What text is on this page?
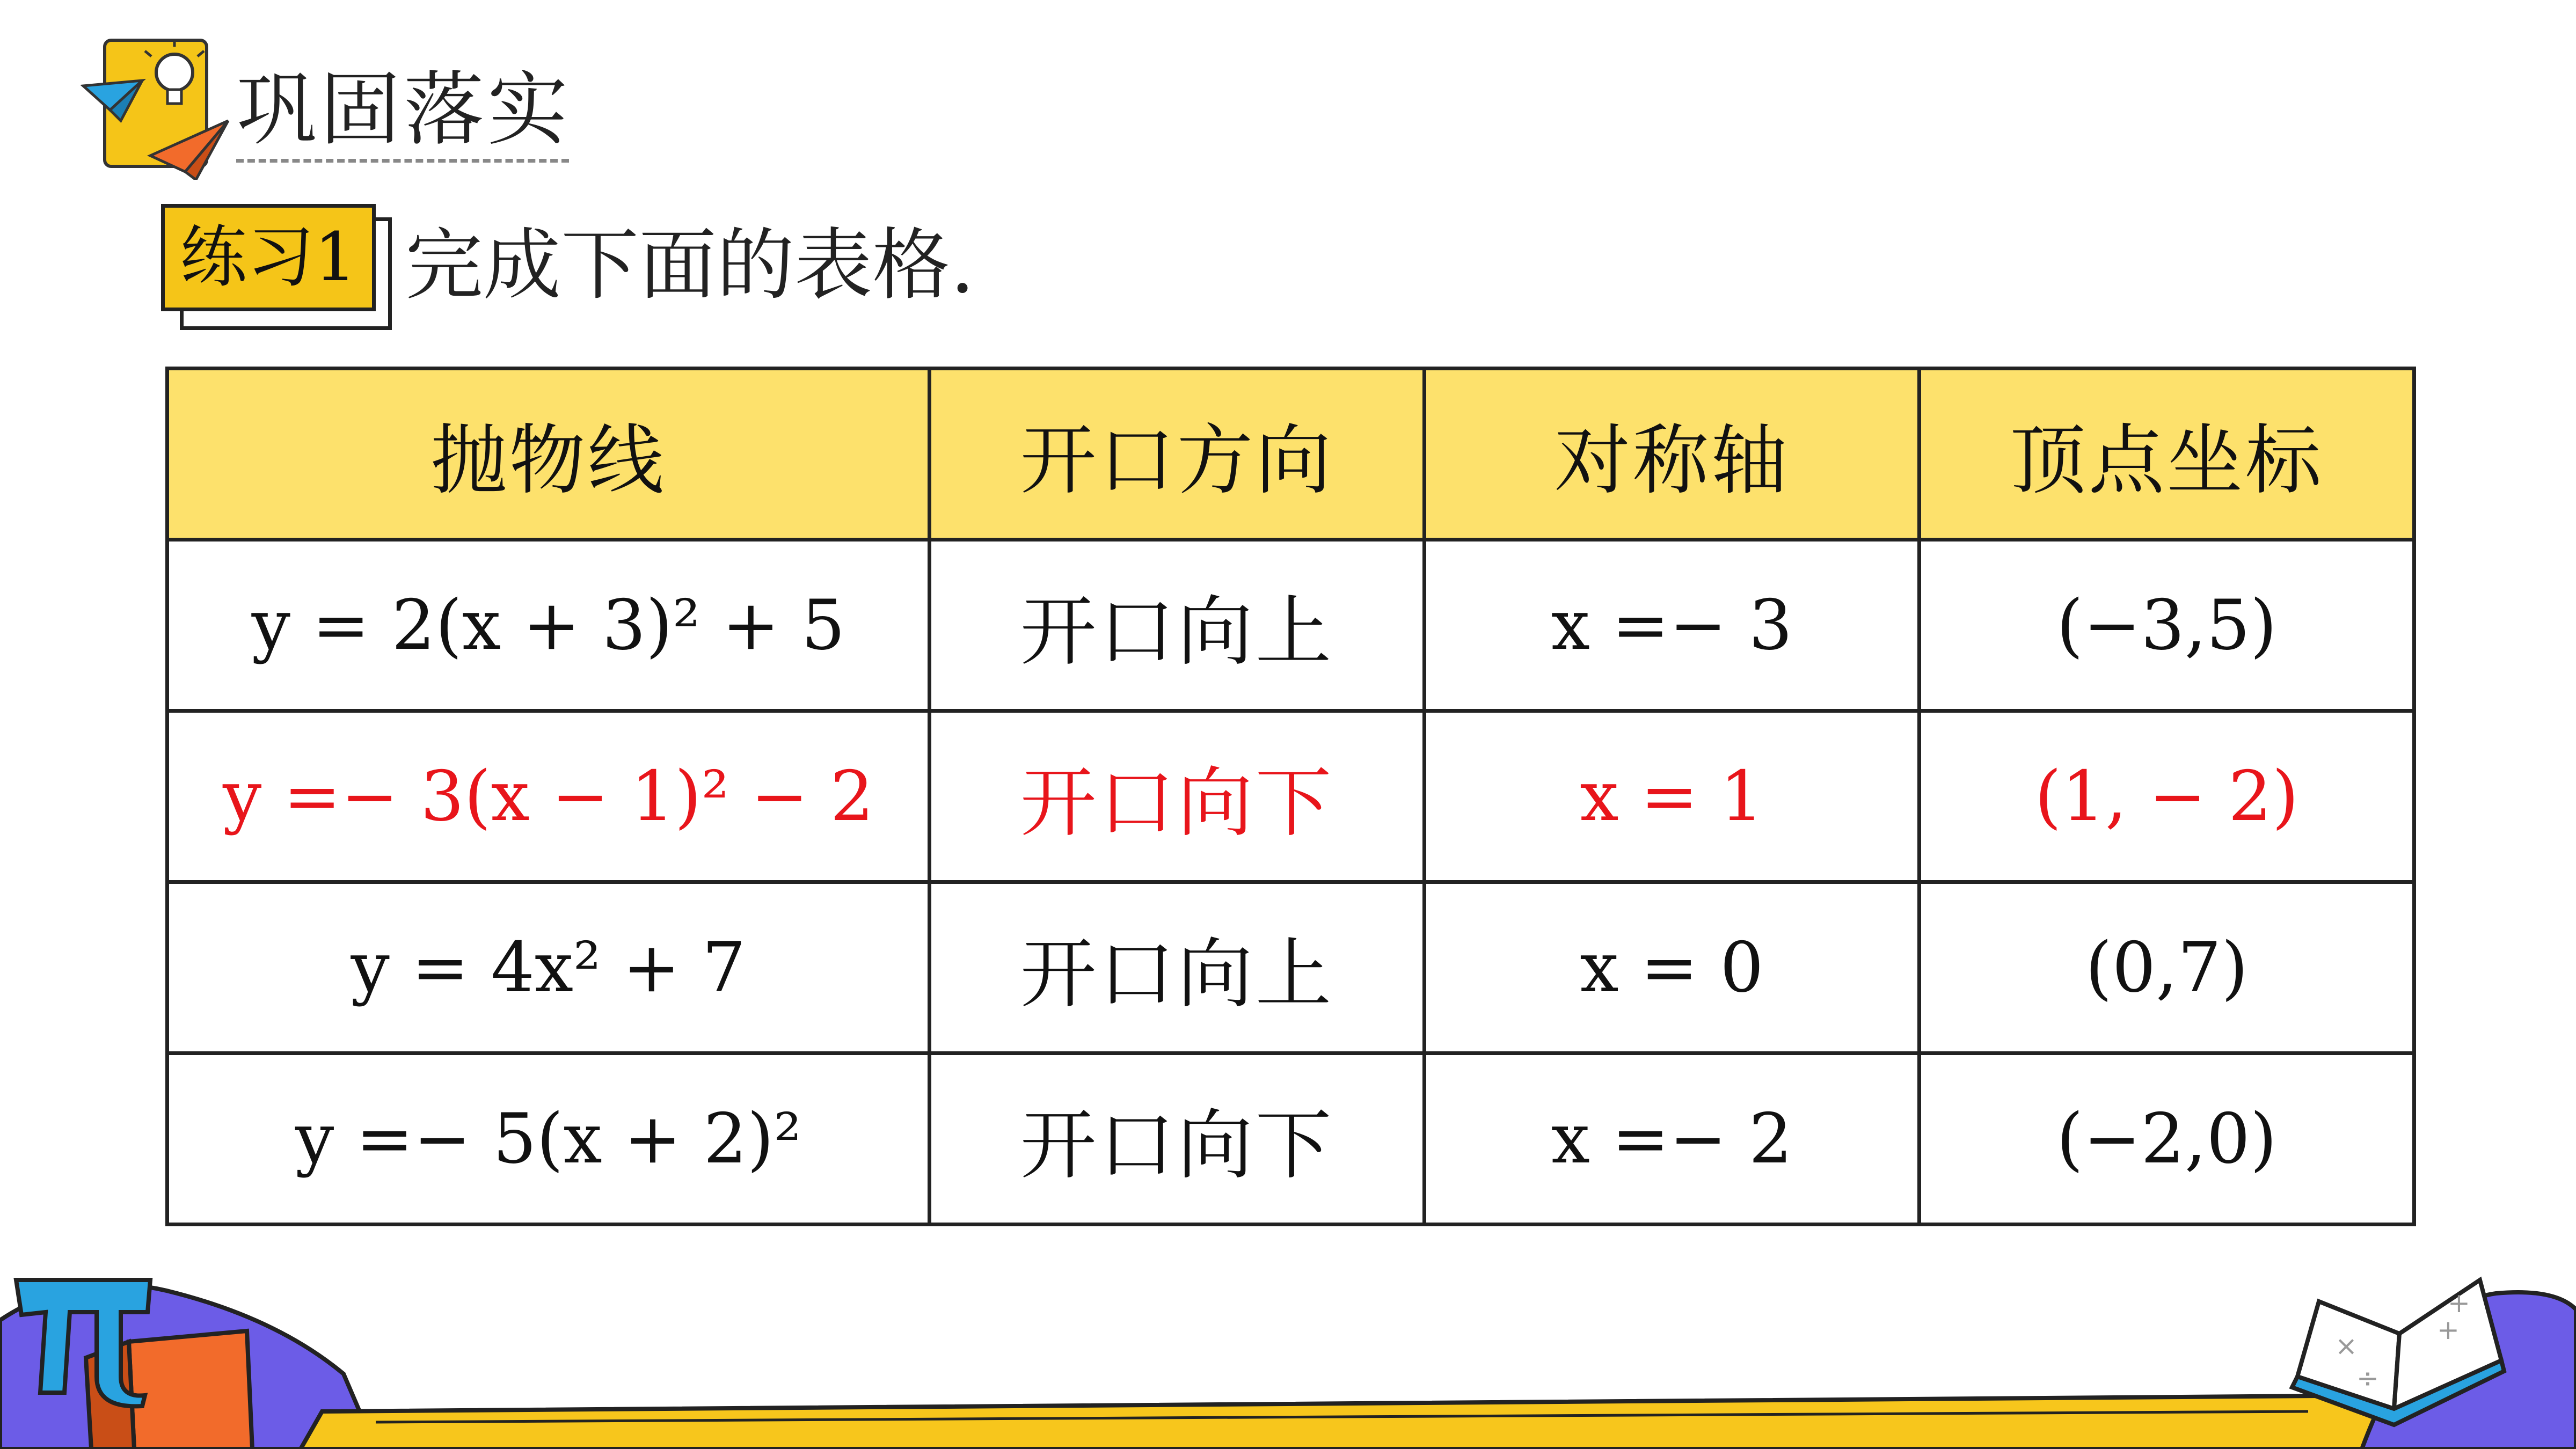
巩固落实
练习1 完成下面的表格.
抛物线	开口方向	对称轴	顶点坐标
y = 2(x + 3)² + 5	开口向上	x =− 3	(−3,5)
y =− 3(x − 1)² − 2	开口向下	x = 1	(1, − 2)
y = 4x² + 7	开口向上	x = 0	(0,7)
y =− 5(x + 2)²	开口向下	x =− 2	(−2,0)
+
+
×
÷
